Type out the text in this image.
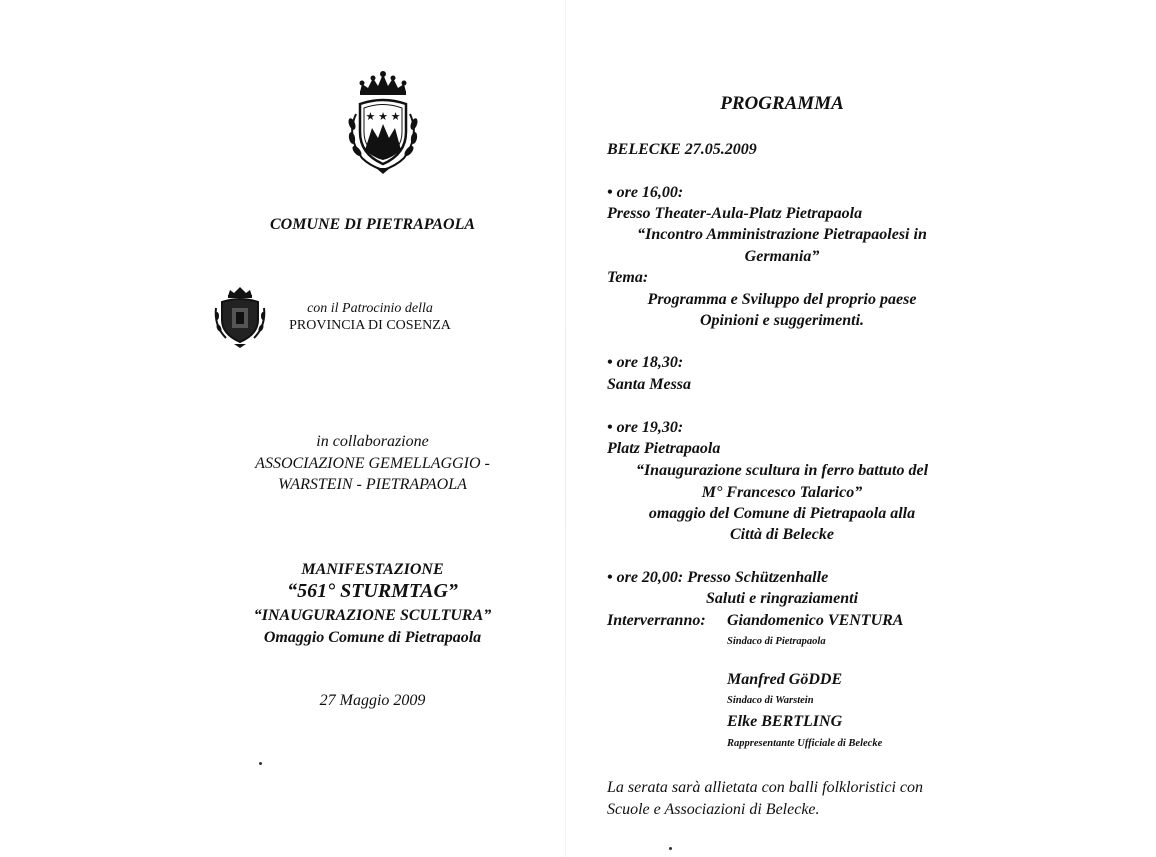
★ ★ ★
COMUNE DI PIETRAPAOLA
con il Patrocinio della
PROVINCIA DI COSENZA
in collaborazione
ASSOCIAZIONE GEMELLAGGIO -
WARSTEIN - PIETRAPAOLA
MANIFESTAZIONE
“561° STURMTAG”
“INAUGURAZIONE SCULTURA”
Omaggio Comune di Pietrapaola
27 Maggio 2009
PROGRAMMA
BELECKE 27.05.2009
• ore 16,00:
Presso Theater-Aula-Platz Pietrapaola
“Incontro Amministrazione Pietrapaolesi in
Germania”
Tema:
Programma e Sviluppo del proprio paese
Opinioni e suggerimenti.
• ore 18,30:
Santa Messa
• ore 19,30:
Platz Pietrapaola
“Inaugurazione scultura in ferro battuto del
M° Francesco Talarico”
omaggio del Comune di Pietrapaola alla
Città di Belecke
• ore 20,00: Presso Schützenhalle
Saluti e ringraziamenti
Interverranno: Giandomenico VENTURA
Sindaco di Pietrapaola
Manfred GöDDE
Sindaco di Warstein
Elke BERTLING
Rappresentante Ufficiale di Belecke
La serata sarà allietata con balli folkloristici con
Scuole e Associazioni di Belecke.
